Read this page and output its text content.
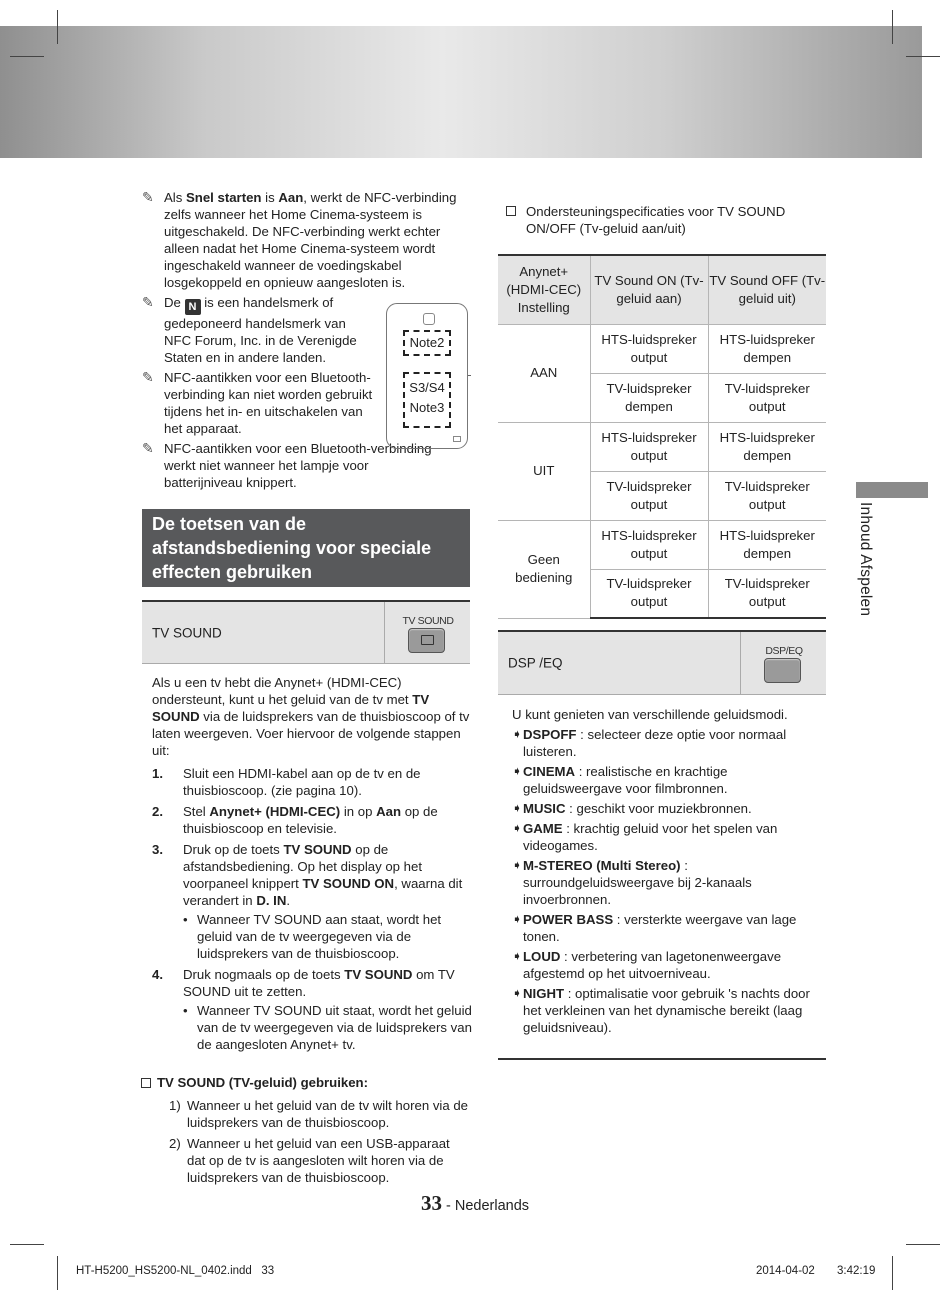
✎ Als Snel starten is Aan, werkt de NFC-verbinding zelfs wanneer het Home Cinema-systeem is uitgeschakeld. De NFC-verbinding werkt echter alleen nadat het Home Cinema-systeem wordt ingeschakeld wanneer de voedingskabel losgekoppeld en opnieuw aangesloten is.
✎ De N is een handelsmerk of gedeponeerd handelsmerk van NFC Forum, Inc. in de Verenigde Staten en in andere landen.
✎ NFC-aantikken voor een Bluetooth-verbinding kan niet worden gebruikt tijdens het in- en uitschakelen van het apparaat.
✎ NFC-aantikken voor een Bluetooth-verbinding werkt niet wanneer het lampje voor batterijniveau knippert.
Note2
S3/S4
Note3
De toetsen van de afstandsbediening voor speciale effecten gebruiken
TV SOUND
TV SOUND
Als u een tv hebt die Anynet+ (HDMI-CEC) ondersteunt, kunt u het geluid van de tv met TV SOUND via de luidsprekers van de thuisbioscoop of tv laten weergeven. Voer hiervoor de volgende stappen uit:
1. Sluit een HDMI-kabel aan op de tv en de thuisbioscoop. (zie pagina 10).
2. Stel Anynet+ (HDMI-CEC) in op Aan op de thuisbioscoop en televisie.
3. Druk op de toets TV SOUND op de afstandsbediening. Op het display op het voorpaneel knippert TV SOUND ON, waarna dit verandert in D. IN.
• Wanneer TV SOUND aan staat, wordt het geluid van de tv weergegeven via de luidsprekers van de thuisbioscoop.
4. Druk nogmaals op de toets TV SOUND om TV SOUND uit te zetten.
• Wanneer TV SOUND uit staat, wordt het geluid van de tv weergegeven via de luidsprekers van de aangesloten Anynet+ tv.
TV SOUND (TV-geluid) gebruiken:
1) Wanneer u het geluid van de tv wilt horen via de luidsprekers van de thuisbioscoop.
2) Wanneer u het geluid van een USB-apparaat dat op de tv is aangesloten wilt horen via de luidsprekers van de thuisbioscoop.
Ondersteuningspecificaties voor TV SOUND ON/OFF (Tv-geluid aan/uit)
Anynet+ (HDMI-CEC) Instelling	TV Sound ON (Tv-geluid aan)	TV Sound OFF (Tv-geluid uit)
AAN	HTS-luidspreker output	HTS-luidspreker dempen
	TV-luidspreker dempen	TV-luidspreker output
UIT	HTS-luidspreker output	HTS-luidspreker dempen
	TV-luidspreker output	TV-luidspreker output
Geen bediening	HTS-luidspreker output	HTS-luidspreker dempen
	TV-luidspreker output	TV-luidspreker output
DSP /EQ
DSP/EQ
U kunt genieten van verschillende geluidsmodi.
➧ DSPOFF : selecteer deze optie voor normaal luisteren.
➧ CINEMA : realistische en krachtige geluidsweergave voor filmbronnen.
➧ MUSIC : geschikt voor muziekbronnen.
➧ GAME : krachtig geluid voor het spelen van videogames.
➧ M-STEREO (Multi Stereo) : surroundgeluidsweergave bij 2-kanaals invoerbronnen.
➧ POWER BASS : versterkte weergave van lage tonen.
➧ LOUD : verbetering van lagetonenweergave afgestemd op het uitvoerniveau.
➧ NIGHT : optimalisatie voor gebruik 's nachts door het verkleinen van het dynamische bereikt (laag geluidsniveau).
Inhoud Afspelen
33 - Nederlands
HT-H5200_HS5200-NL_0402.indd   33	2014-04-02 3:42:19
